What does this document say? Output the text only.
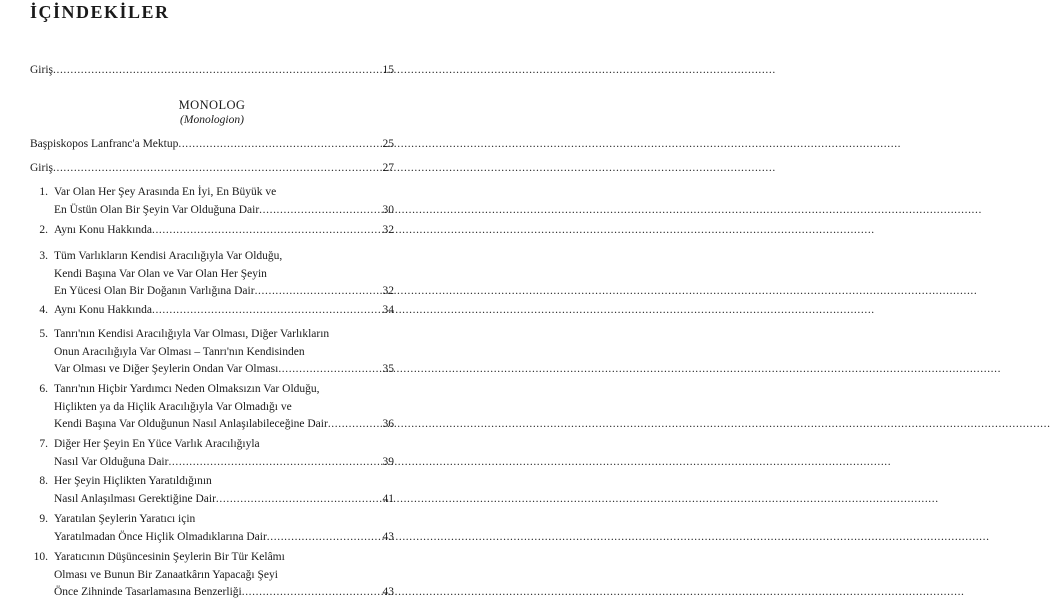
İÇİNDEKİLER
Giriş .....	15
MONOLOG
(Monologion)
Başpiskopos Lanfranc'a Mektup .....	25
Giriş .....	27
1. Var Olan Her Şey Arasında En İyi, En Büyük ve
En Üstün Olan Bir Şeyin Var Olduğuna Dair .....	30
2. Aynı Konu Hakkında .....	32
3. Tüm Varlıkların Kendisi Aracılığıyla Var Olduğu,
Kendi Başına Var Olan ve Var Olan Her Şeyin
En Yücesi Olan Bir Doğanın Varlığına Dair .....	32
4. Aynı Konu Hakkında .....	34
5. Tanrı'nın Kendisi Aracılığıyla Var Olması, Diğer Varlıkların
Onun Aracılığıyla Var Olması – Tanrı'nın Kendisinden
Var Olması ve Diğer Şeylerin Ondan Var Olması .....	35
6. Tanrı'nın Hiçbir Yardımcı Neden Olmaksızın Var Olduğu,
Hiçlikten ya da Hiçlik Aracılığıyla Var Olmadığı ve
Kendi Başına Var Olduğunun Nasıl Anlaşılabileceğine Dair .....	36
7. Diğer Her Şeyin En Yüce Varlık Aracılığıyla
Nasıl Var Olduğuna Dair .....	39
8. Her Şeyin Hiçlikten Yaratıldığının
Nasıl Anlaşılması Gerektiğine Dair .....	41
9. Yaratılan Şeylerin Yaratıcı için
Yaratılmadan Önce Hiçlik Olmadıklarına Dair .....	43
10. Yaratıcının Düşüncesinin Şeylerin Bir Tür Kelâmı
Olması ve Bunun Bir Zanaatkârın Yapacağı Şeyi
Önce Zihninde Tasarlamasına Benzerliği .....	43
